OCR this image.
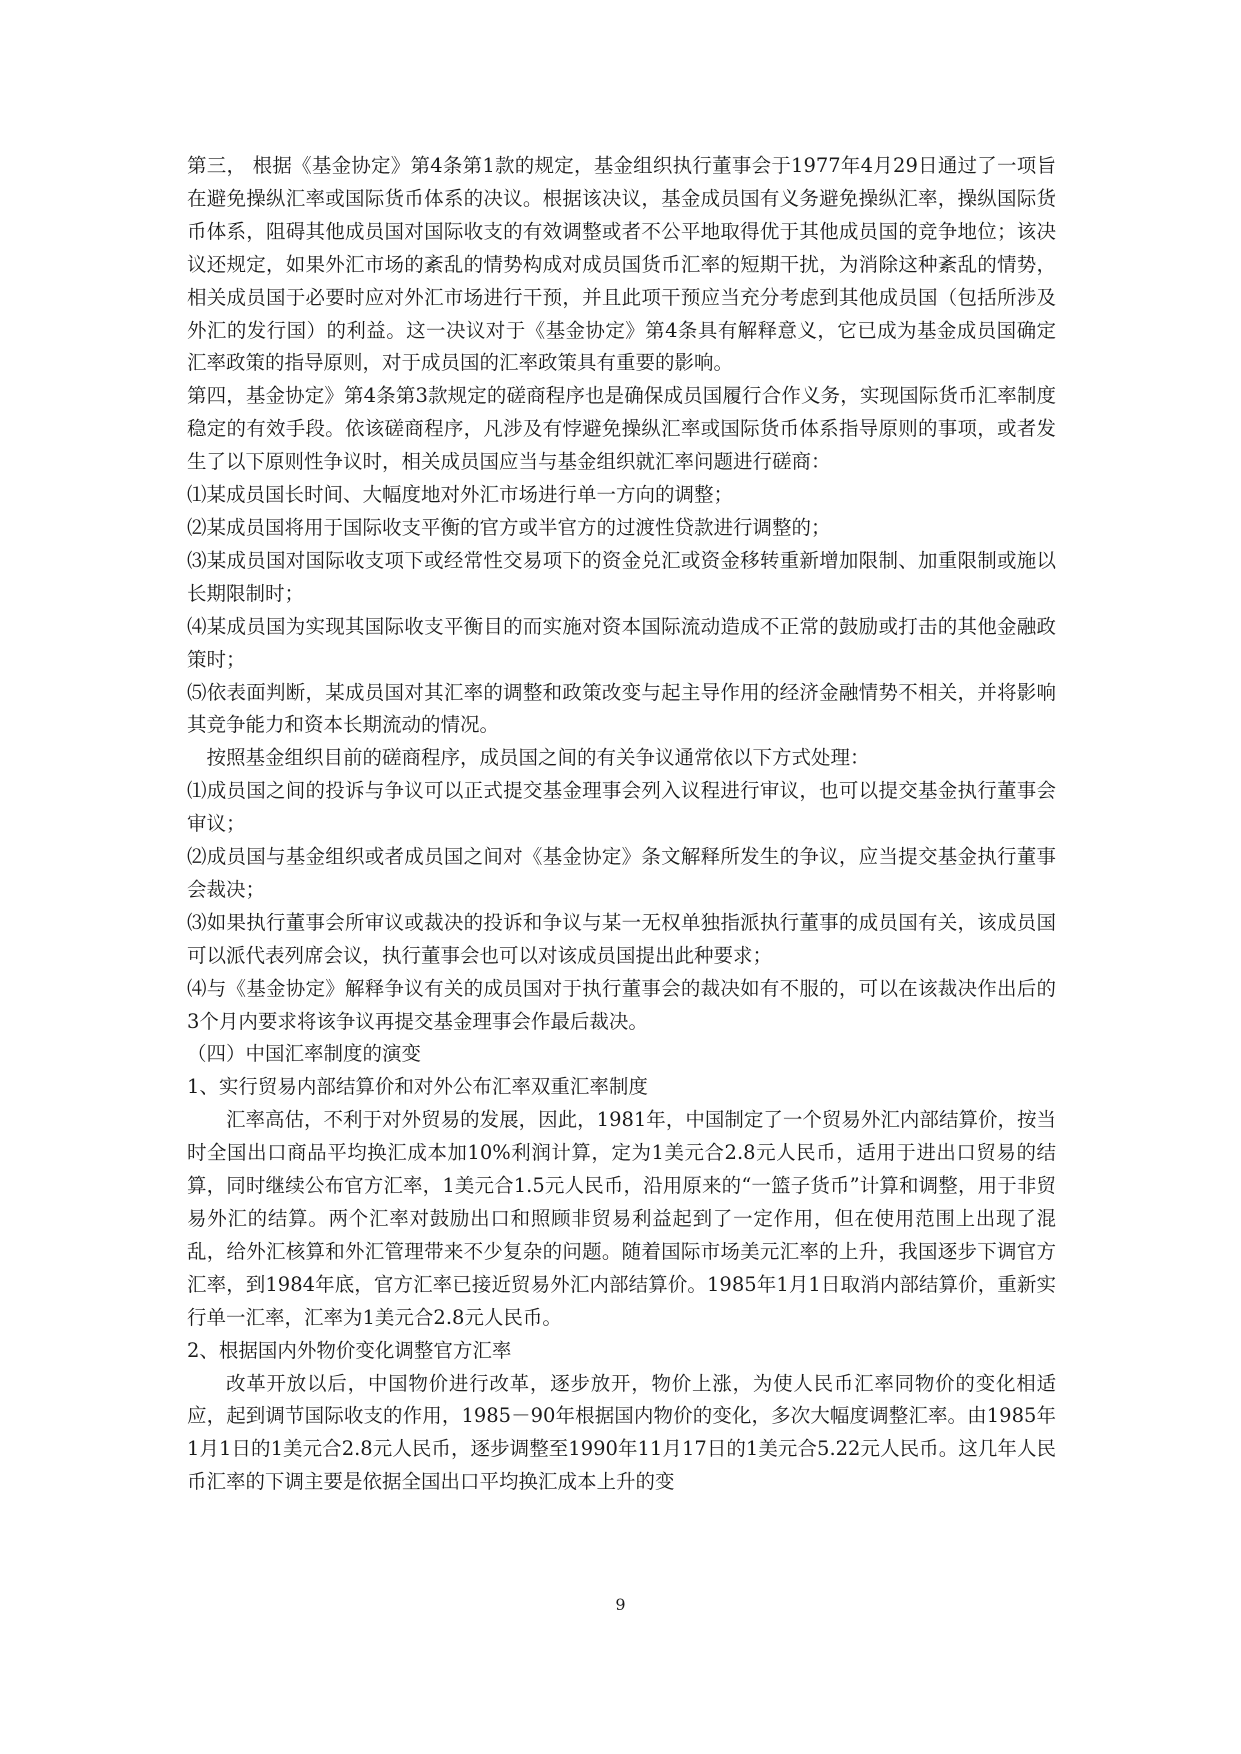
第三， 根据《基金协定》第4条第1款的规定，基金组织执行董事会于1977年4月29日通过了一项旨在避免操纵汇率或国际货币体系的决议。根据该决议，基金成员国有义务避免操纵汇率，操纵国际货币体系，阻碍其他成员国对国际收支的有效调整或者不公平地取得优于其他成员国的竞争地位；该决议还规定，如果外汇市场的紊乱的情势构成对成员国货币汇率的短期干扰，为消除这种紊乱的情势，相关成员国于必要时应对外汇市场进行干预，并且此项干预应当充分考虑到其他成员国（包括所涉及外汇的发行国）的利益。这一决议对于《基金协定》第4条具有解释意义，它已成为基金成员国确定汇率政策的指导原则，对于成员国的汇率政策具有重要的影响。

第四，基金协定》第4条第3款规定的磋商程序也是确保成员国履行合作义务，实现国际货币汇率制度稳定的有效手段。依该磋商程序，凡涉及有悖避免操纵汇率或国际货币体系指导原则的事项，或者发生了以下原则性争议时，相关成员国应当与基金组织就汇率问题进行磋商：

⑴某成员国长时间、大幅度地对外汇市场进行单一方向的调整；

⑵某成员国将用于国际收支平衡的官方或半官方的过渡性贷款进行调整的；

⑶某成员国对国际收支项下或经常性交易项下的资金兑汇或资金移转重新增加限制、加重限制或施以长期限制时；

⑷某成员国为实现其国际收支平衡目的而实施对资本国际流动造成不正常的鼓励或打击的其他金融政策时；

⑸依表面判断，某成员国对其汇率的调整和政策改变与起主导作用的经济金融情势不相关，并将影响其竞争能力和资本长期流动的情况。

按照基金组织目前的磋商程序，成员国之间的有关争议通常依以下方式处理：

⑴成员国之间的投诉与争议可以正式提交基金理事会列入议程进行审议，也可以提交基金执行董事会审议；

⑵成员国与基金组织或者成员国之间对《基金协定》条文解释所发生的争议，应当提交基金执行董事会裁决；

⑶如果执行董事会所审议或裁决的投诉和争议与某一无权单独指派执行董事的成员国有关，该成员国可以派代表列席会议，执行董事会也可以对该成员国提出此种要求；

⑷与《基金协定》解释争议有关的成员国对于执行董事会的裁决如有不服的，可以在该裁决作出后的3个月内要求将该争议再提交基金理事会作最后裁决。

（四）中国汇率制度的演变

1、实行贸易内部结算价和对外公布汇率双重汇率制度

汇率高估，不利于对外贸易的发展，因此，1981年，中国制定了一个贸易外汇内部结算价，按当时全国出口商品平均换汇成本加10%利润计算，定为1美元合2.8元人民币，适用于进出口贸易的结算，同时继续公布官方汇率，1美元合1.5元人民币，沿用原来的“一篮子货币”计算和调整，用于非贸易外汇的结算。两个汇率对鼓励出口和照顾非贸易利益起到了一定作用，但在使用范围上出现了混乱，给外汇核算和外汇管理带来不少复杂的问题。随着国际市场美元汇率的上升，我国逐步下调官方汇率，到1984年底，官方汇率已接近贸易外汇内部结算价。1985年1月1日取消内部结算价，重新实行单一汇率，汇率为1美元合2.8元人民币。

2、根据国内外物价变化调整官方汇率

改革开放以后，中国物价进行改革，逐步放开，物价上涨，为使人民币汇率同物价的变化相适应，起到调节国际收支的作用，1985－90年根据国内物价的变化，多次大幅度调整汇率。由1985年1月1日的1美元合2.8元人民币，逐步调整至1990年11月17日的1美元合5.22元人民币。这几年人民币汇率的下调主要是依据全国出口平均换汇成本上升的变

9
